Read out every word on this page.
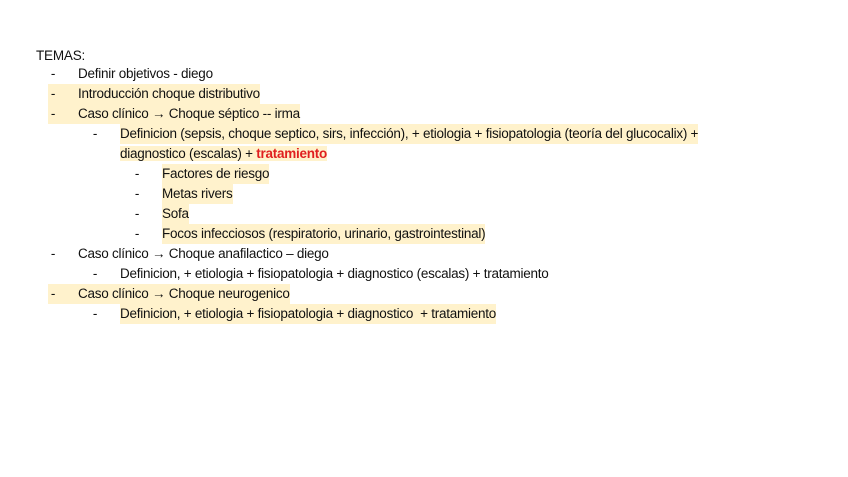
TEMAS:
- Definir objetivos - diego
- Introducción choque distributivo
- Caso clínico → Choque séptico -- irma
- Definicion (sepsis, choque septico, sirs, infección), + etiologia + fisiopatologia (teoría del glucocalix) +
diagnostico (escalas) + tratamiento
- Factores de riesgo
- Metas rivers
- Sofa
- Focos infecciosos (respiratorio, urinario, gastrointestinal)
- Caso clínico → Choque anafilactico – diego
- Definicion, + etiologia + fisiopatologia + diagnostico (escalas) + tratamiento
- Caso clínico → Choque neurogenico
- Definicion, + etiologia + fisiopatologia + diagnostico  + tratamiento
